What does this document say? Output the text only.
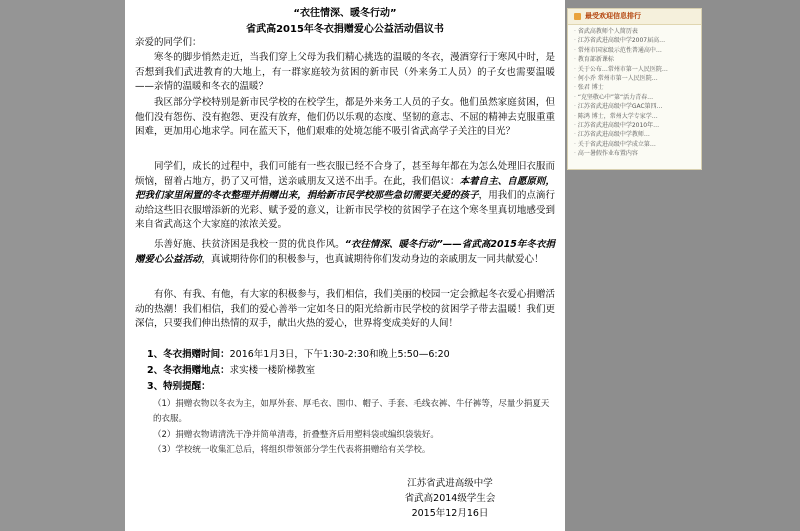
“衣往情深、暖冬行动”
省武高2015年冬衣捐赠爱心公益活动倡议书
亲爱的同学们：
寒冬的脚步悄然走近，当我们穿上父母为我们精心挑选的温暖的冬衣，漫酒穿行于寒风中时，是否想到我们武进教育的大地上，有一群家庭较为贫困的新市民（外来务工人员）的子女也需要温暖——亲情的温暖和冬衣的温暖？
我区部分学校特别是新市民学校的在校学生，都是外来务工人员的子女。他们虽然家庭贫困，但他们没有怨伤、没有抱怨、更没有放弃，他们仍以乐观的态度、坚韧的意志、不屈的精神去克服重重困难，更加用心地求学。同在蓝天下，他们艰难的处境怎能不吸引省武高学子关注的目光？
同学们，成长的过程中，我们可能有一些衣服已经不合身了，甚至每年都在为怎么处理旧衣服而烦恼，留着占地方，扔了又可惜，送亲戚朋友又送不出手。在此，我们倡议：本着自主、自愿原则，把我们家里闲置的冬衣整理并捐赠出来，捐给新市民学校那些急切需要关爱的孩子，用我们的点滴行动给这些旧衣服增添新的光彩、赋予爱的意义，让新市民学校的贫困学子在这个寒冬里真切地感受到来自省武高这个大家庭的浓浓关爱。
乐善好施、扶贫济困是我校一贯的优良作风。“衣往情深、暖冬行动”——省武高2015年冬衣捐赠爱心公益活动，真诚期待你们的积极参与，也真诚期待你们发动身边的亲戚朋友一同共献爱心！
有你、有我、有他，有大家的积极参与，我们相信，我们美丽的校园一定会掀起冬衣爱心捐赠活动的热潮！我们相信，我们的爱心善举一定如冬日的阳光给新市民学校的贫困学子带去温暖！我们更深信，只要我们伸出热情的双手，献出火热的爱心，世界将变成美好的人间！
1、冬衣捐赠时间：2016年1月3日，下午1:30-2:30和晚上5:50—6:20
2、冬衣捐赠地点：求实楼一楼阶梯教室
3、特别提醒：
（1）捐赠衣物以冬衣为主，如厚外套、厚毛衣、围巾、帽子、手套、毛线衣裤、牛仔裤等，尽量少捐夏天的衣服。
（2）捐赠衣物请清洗干净并简单清毒，折叠整齐后用塑料袋或编织袋装好。
（3）学校统一收集汇总后，将组织带领部分学生代表将捐赠给有关学校。
江苏省武进高级中学
省武高2014级学生会
2015年12月16日
最受欢迎信息排行
· 省武高教师个人简历表
· 江苏省武进高级中学2007届高…
· 常州市国家级示范性普通高中…
· 教育部新课标
· 关于公布…常州市第一人民医院…
· 何小乔 常州市第一人民医院…
· 张君 博士
· “克坚敬心中”第“活力青春…
· 江苏省武进高级中学GAC第四…
· 陈鸿 博士，常州大学专家学…
· 江苏省武进高级中学2010年…
· 江苏省武进高级中学教师…
· 关于省武进高级中学成立第…
· 高一暑假作业布置内容
